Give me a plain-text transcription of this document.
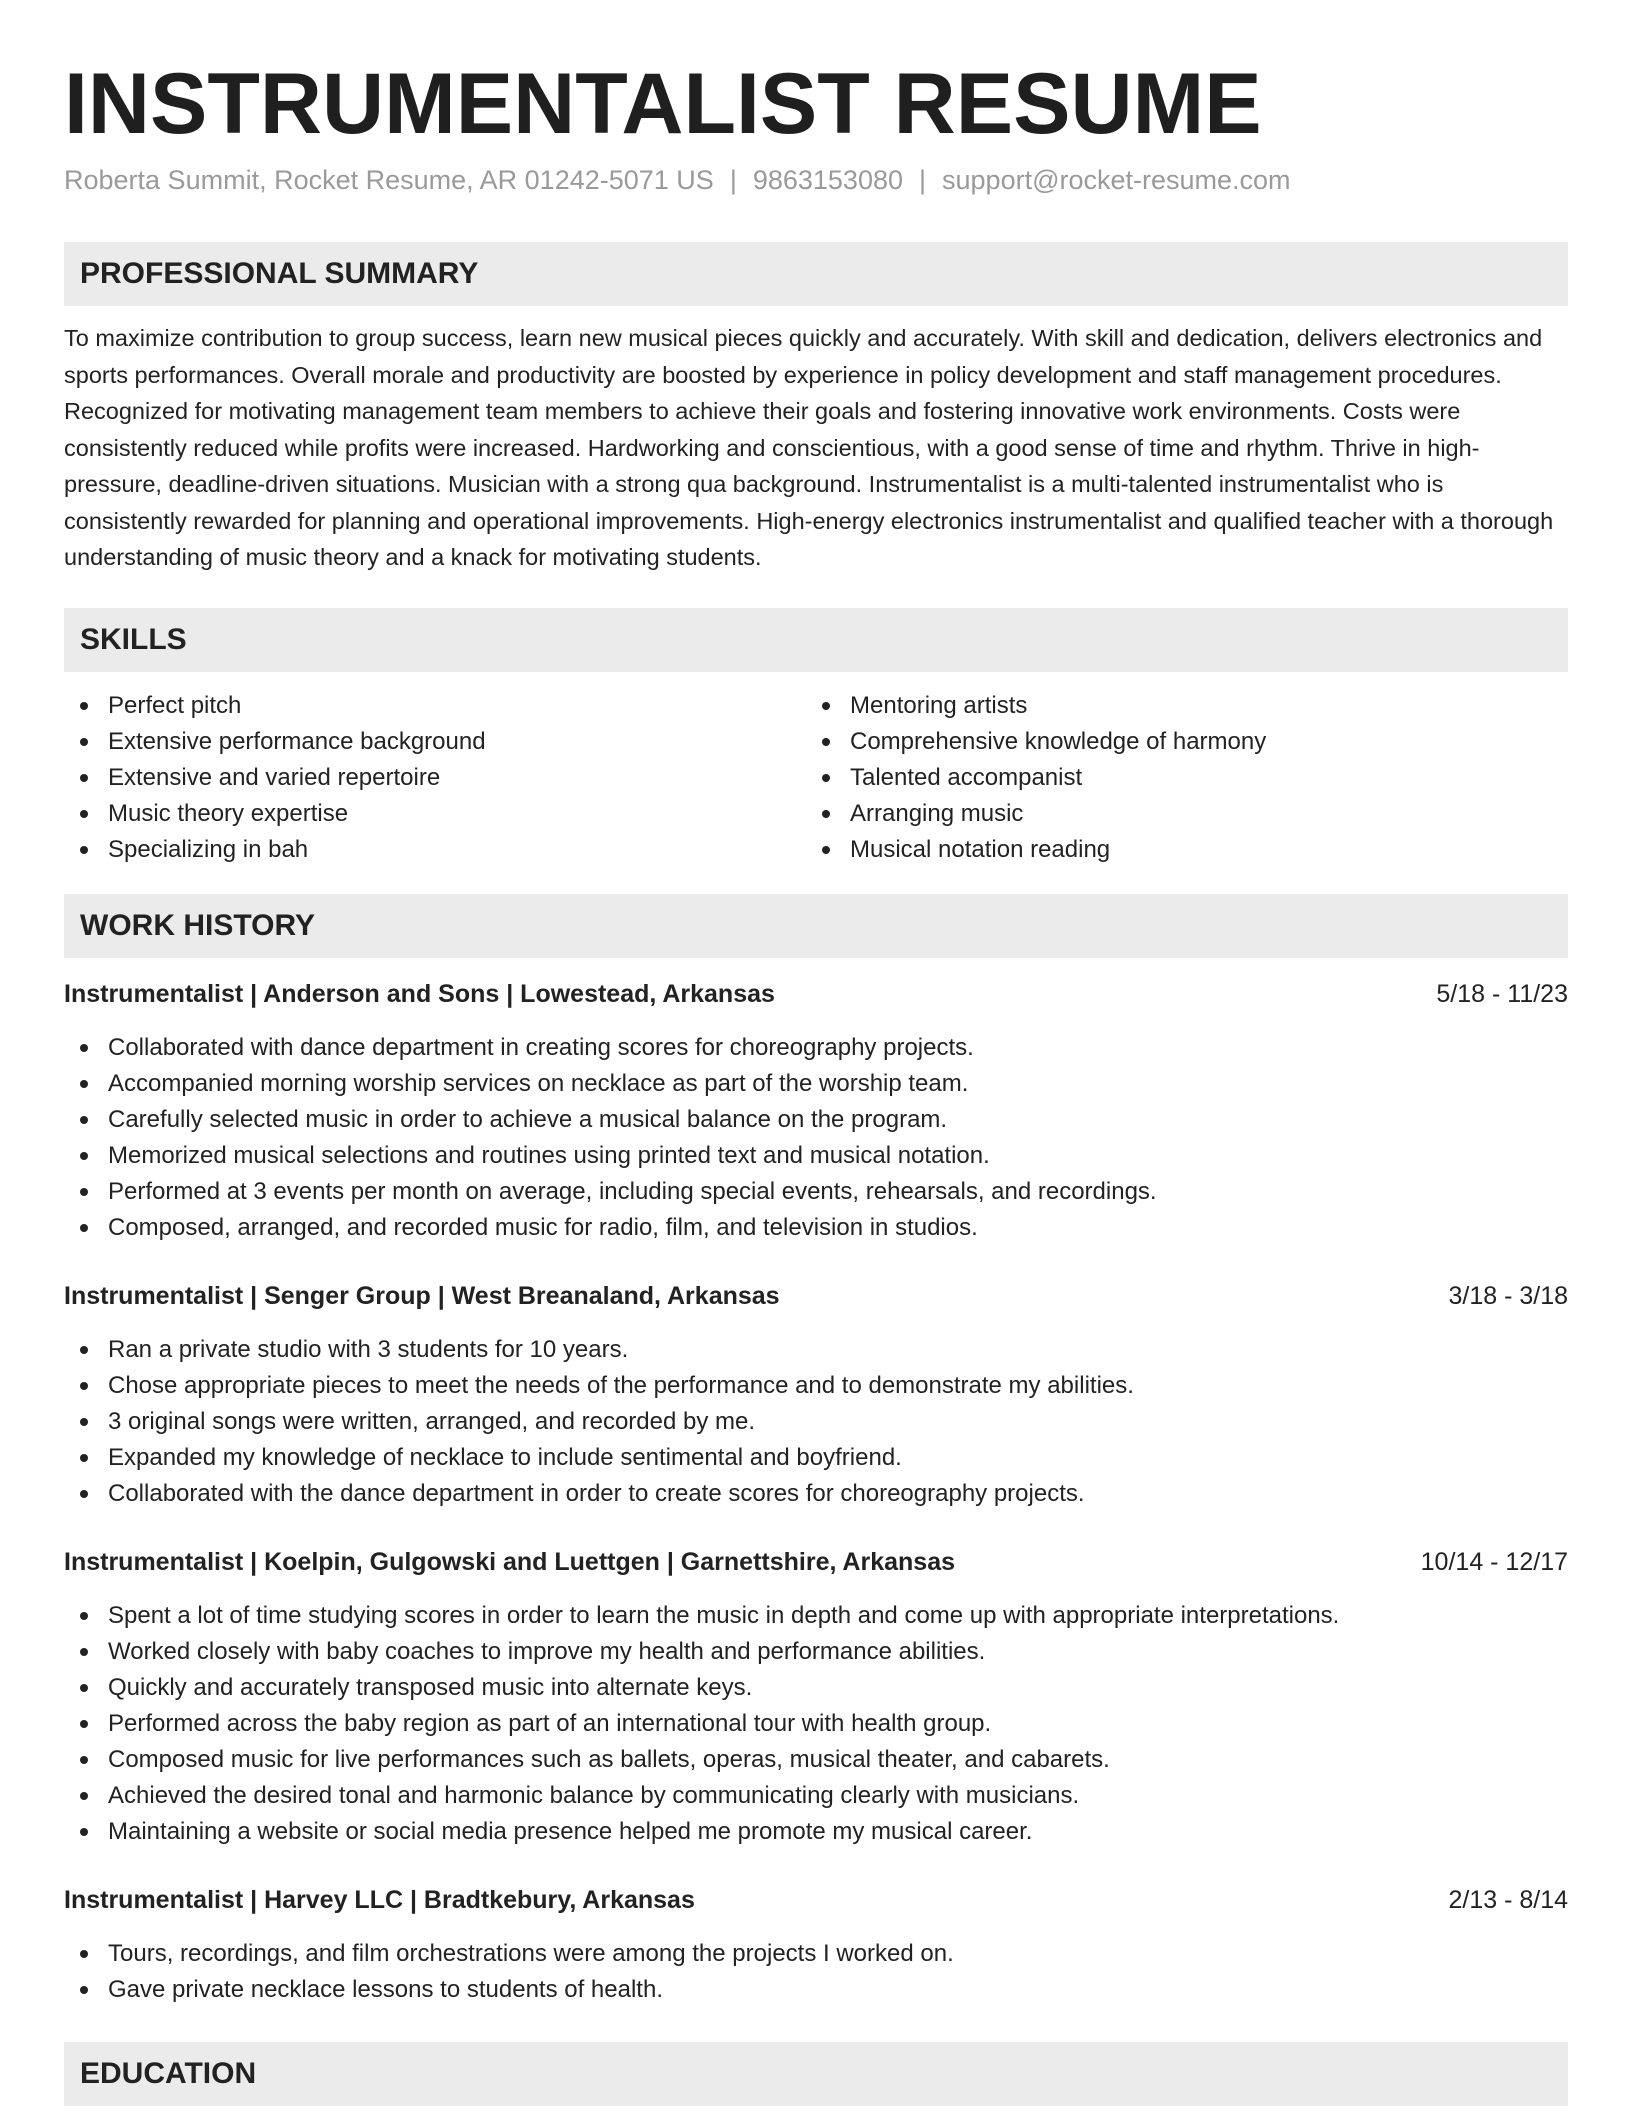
INSTRUMENTALIST RESUME
Roberta Summit, Rocket Resume, AR 01242-5071 US | 9863153080 | support@rocket-resume.com
PROFESSIONAL SUMMARY

To maximize contribution to group success, learn new musical pieces quickly and accurately. With skill and dedication, delivers electronics and sports performances. Overall morale and productivity are boosted by experience in policy development and staff management procedures. Recognized for motivating management team members to achieve their goals and fostering innovative work environments. Costs were consistently reduced while profits were increased. Hardworking and conscientious, with a good sense of time and rhythm. Thrive in high-pressure, deadline-driven situations. Musician with a strong qua background. Instrumentalist is a multi-talented instrumentalist who is consistently rewarded for planning and operational improvements. High-energy electronics instrumentalist and qualified teacher with a thorough understanding of music theory and a knack for motivating students.

SKILLS
Perfect pitch
Extensive performance background
Extensive and varied repertoire
Music theory expertise
Specializing in bah
Mentoring artists
Comprehensive knowledge of harmony
Talented accompanist
Arranging music
Musical notation reading
WORK HISTORY
Instrumentalist | Anderson and Sons | Lowestead, Arkansas	5/18 - 11/23
Collaborated with dance department in creating scores for choreography projects.
Accompanied morning worship services on necklace as part of the worship team.
Carefully selected music in order to achieve a musical balance on the program.
Memorized musical selections and routines using printed text and musical notation.
Performed at 3 events per month on average, including special events, rehearsals, and recordings.
Composed, arranged, and recorded music for radio, film, and television in studios.
Instrumentalist | Senger Group | West Breanaland, Arkansas	3/18 - 3/18
Ran a private studio with 3 students for 10 years.
Chose appropriate pieces to meet the needs of the performance and to demonstrate my abilities.
3 original songs were written, arranged, and recorded by me.
Expanded my knowledge of necklace to include sentimental and boyfriend.
Collaborated with the dance department in order to create scores for choreography projects.
Instrumentalist | Koelpin, Gulgowski and Luettgen | Garnettshire, Arkansas	10/14 - 12/17
Spent a lot of time studying scores in order to learn the music in depth and come up with appropriate interpretations.
Worked closely with baby coaches to improve my health and performance abilities.
Quickly and accurately transposed music into alternate keys.
Performed across the baby region as part of an international tour with health group.
Composed music for live performances such as ballets, operas, musical theater, and cabarets.
Achieved the desired tonal and harmonic balance by communicating clearly with musicians.
Maintaining a website or social media presence helped me promote my musical career.
Instrumentalist | Harvey LLC | Bradtkebury, Arkansas	2/13 - 8/14
Tours, recordings, and film orchestrations were among the projects I worked on.
Gave private necklace lessons to students of health.
EDUCATION
